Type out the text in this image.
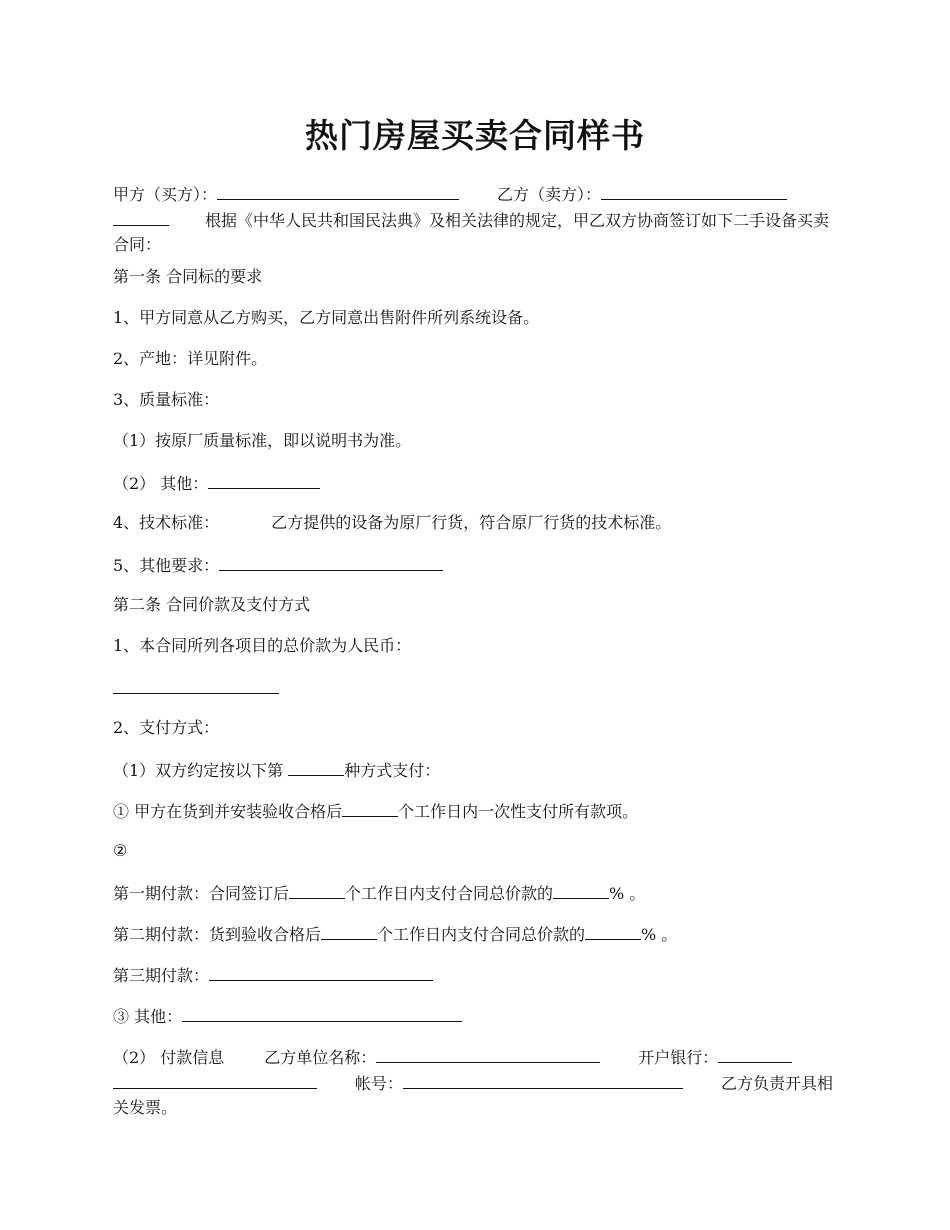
热门房屋买卖合同样书
甲方（买方）：	乙方（卖方）：
根据《中华人民共和国民法典》及相关法律的规定，甲乙双方协商签订如下二手设备买卖合同：
第一条 合同标的要求
1、甲方同意从乙方购买，乙方同意出售附件所列系统设备。
2、产地：详见附件。
3、质量标准：
（1）按原厂质量标准，即以说明书为准。
（2） 其他：
4、技术标准：	乙方提供的设备为原厂行货，符合原厂行货的技术标准。
5、其他要求：
第二条 合同价款及支付方式
1、本合同所列各项目的总价款为人民币：
2、支付方式：
（1）双方约定按以下第	种方式支付：
① 甲方在货到并安装验收合格后	个工作日内一次性支付所有款项。
②
第一期付款：合同签订后	个工作日内支付合同总价款的	% 。
第二期付款：货到验收合格后	个工作日内支付合同总价款的	% 。
第三期付款：
③ 其他：
（2） 付款信息	乙方单位名称：	开户银行：
帐号：	乙方负责开具相关发票。
